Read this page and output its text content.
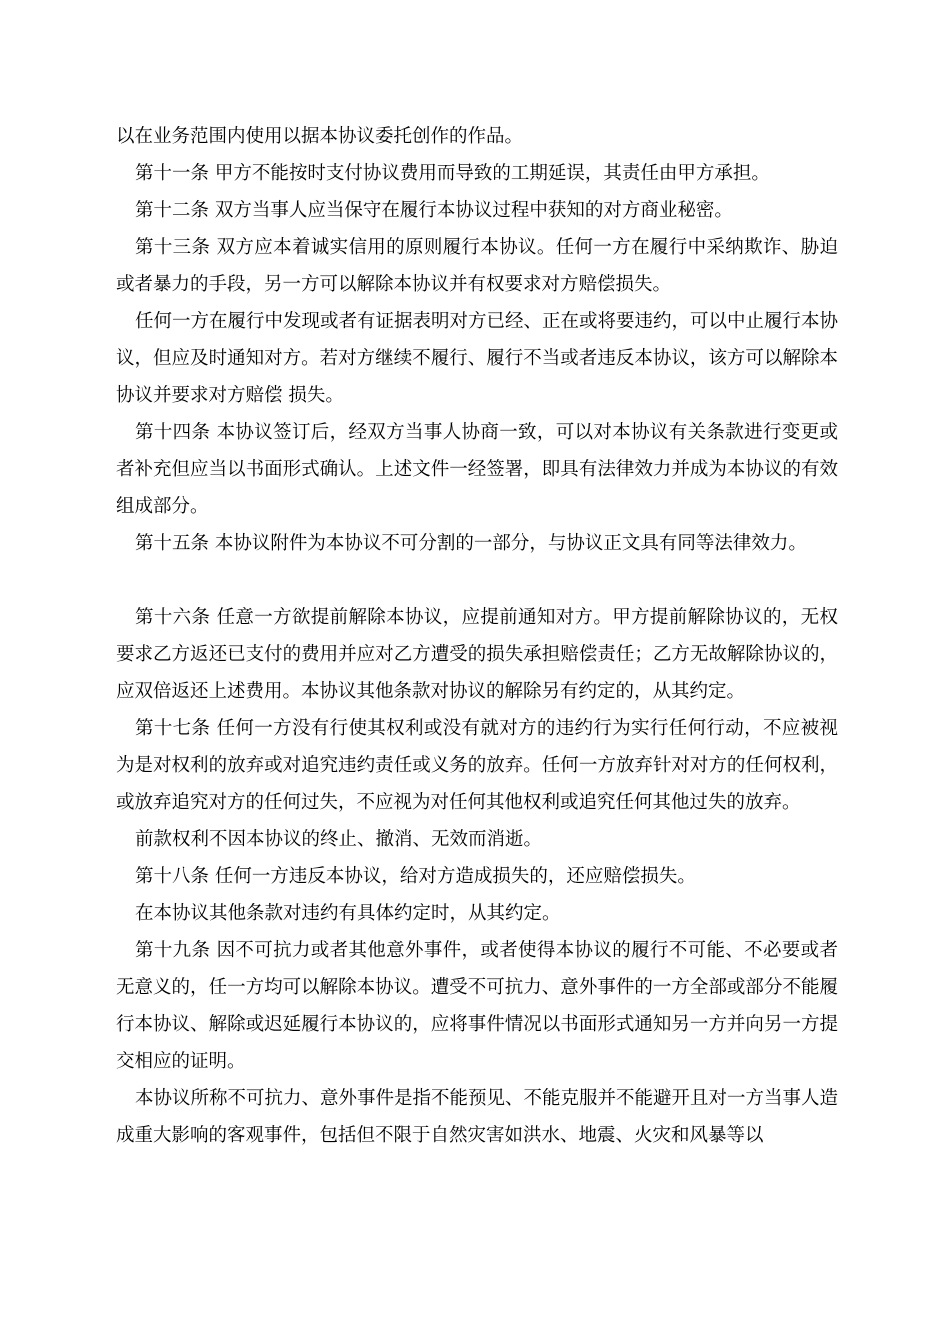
以在业务范围内使用以据本协议委托创作的作品。

第十一条 甲方不能按时支付协议费用而导致的工期延误，其责任由甲方承担。

第十二条 双方当事人应当保守在履行本协议过程中获知的对方商业秘密。

第十三条 双方应本着诚实信用的原则履行本协议。任何一方在履行中采纳欺诈、胁迫或者暴力的手段，另一方可以解除本协议并有权要求对方赔偿损失。

任何一方在履行中发现或者有证据表明对方已经、正在或将要违约，可以中止履行本协议，但应及时通知对方。若对方继续不履行、履行不当或者违反本协议，该方可以解除本协议并要求对方赔偿 损失。

第十四条 本协议签订后，经双方当事人协商一致，可以对本协议有关条款进行变更或者补充但应当以书面形式确认。上述文件一经签署，即具有法律效力并成为本协议的有效组成部分。

第十五条 本协议附件为本协议不可分割的一部分，与协议正文具有同等法律效力。

第十六条 任意一方欲提前解除本协议，应提前通知对方。甲方提前解除协议的，无权要求乙方返还已支付的费用并应对乙方遭受的损失承担赔偿责任；乙方无故解除协议的，应双倍返还上述费用。本协议其他条款对协议的解除另有约定的，从其约定。

第十七条 任何一方没有行使其权利或没有就对方的违约行为实行任何行动，不应被视为是对权利的放弃或对追究违约责任或义务的放弃。任何一方放弃针对对方的任何权利，或放弃追究对方的任何过失，不应视为对任何其他权利或追究任何其他过失的放弃。

前款权利不因本协议的终止、撤消、无效而消逝。

第十八条 任何一方违反本协议，给对方造成损失的，还应赔偿损失。

在本协议其他条款对违约有具体约定时，从其约定。

第十九条 因不可抗力或者其他意外事件，或者使得本协议的履行不可能、不必要或者无意义的，任一方均可以解除本协议。遭受不可抗力、意外事件的一方全部或部分不能履行本协议、解除或迟延履行本协议的，应将事件情况以书面形式通知另一方并向另一方提交相应的证明。

本协议所称不可抗力、意外事件是指不能预见、不能克服并不能避开且对一方当事人造成重大影响的客观事件，包括但不限于自然灾害如洪水、地震、火灾和风暴等以
